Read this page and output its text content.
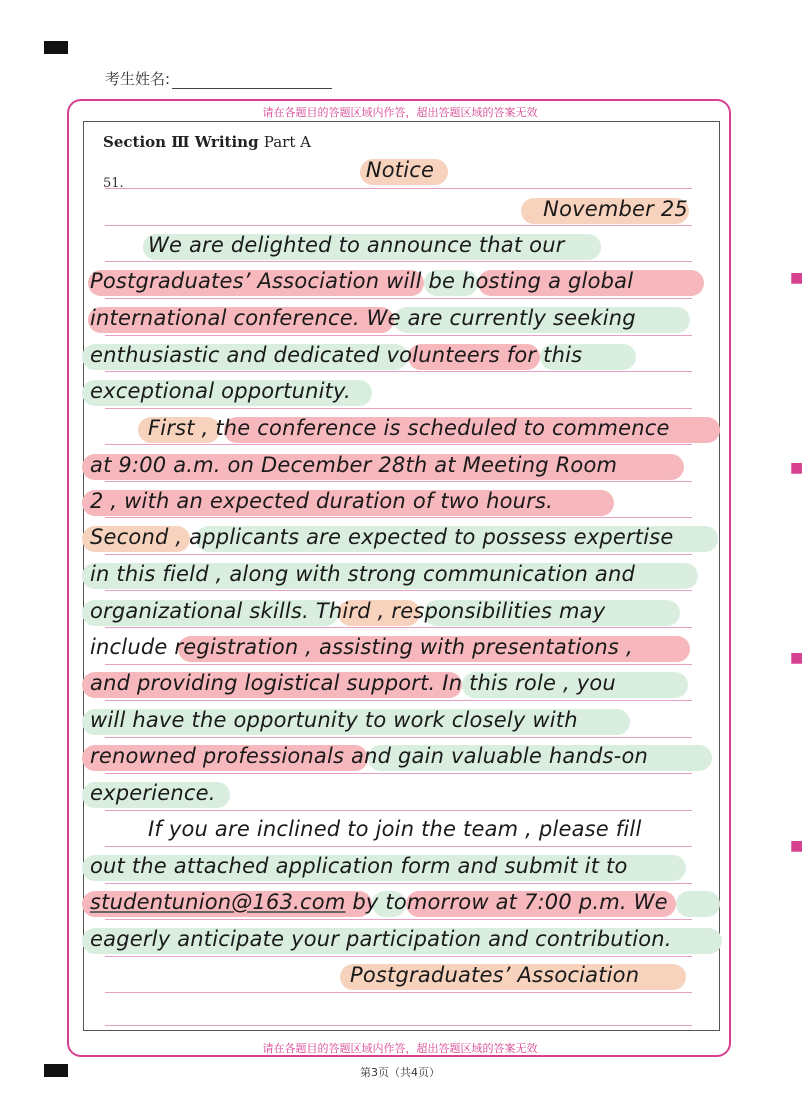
考生姓名:
请在各题目的答题区域内作答，超出答题区域的答案无效
请在各题目的答题区域内作答，超出答题区域的答案无效
Section Ⅲ Writing Part A
51.
Notice
November 25
We are delighted to announce that our
Postgraduates’ Association will be hosting a global
international conference. We are currently seeking
enthusiastic and dedicated volunteers for this
exceptional opportunity.
First , the conference is scheduled to commence
at 9:00 a.m. on December 28th at Meeting Room
2 , with an expected duration of two hours.
Second , applicants are expected to possess expertise
in this field , along with strong communication and
organizational skills. Third , responsibilities may
include registration , assisting with presentations ,
and providing logistical support. In this role , you
will have the opportunity to work closely with
renowned professionals and gain valuable hands-on
experience.
If you are inclined to join the team , please fill
out the attached application form and submit it to
studentunion@163.com by tomorrow at 7:00 p.m. We
eagerly anticipate your participation and contribution.
Postgraduates’ Association
第3页（共4页）
■
■
■
■
